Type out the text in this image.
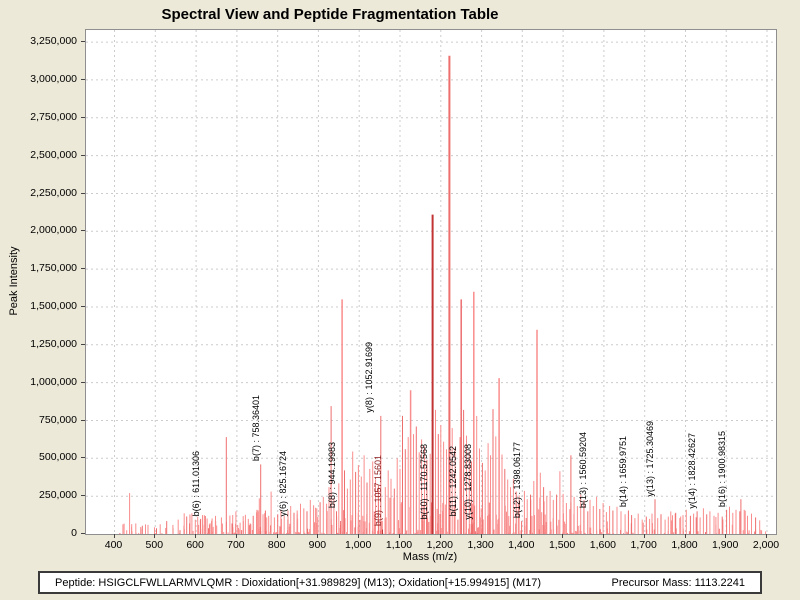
Spectral View and Peptide Fragmentation Table
Peak Intensity
b(6) : 611.01306
b(7) : 758.36401
y(6) : 825.16724	b(8) : 944.19983
y(8) : 1052.91699
b(9) : 1057.15601	b(10) : 1170.57568 b(11) : 1242.0542 y(10) : 1278.83008	b(12) : 1398.06177	b(13) : 1560.59204	b(14) : 1659.9751 y(13) : 1725.30469	y(14) : 1828.42627 b(16) : 1900.98315
Mass (m/z)
Peptide: HSIGCLFWLLARMVLQMR : Dioxidation[+31.989829] (M13); Oxidation[+15.994915] (M17)	Precursor Mass: 1113.2241
400	500	600	700	800	900	1,000	1,100	1,200	1,300	1,400	1,500	1,600	1,700	1,800	1,900	2,000
0
250,000
500,000
750,000
1,000,000
1,250,000
1,500,000
1,750,000
2,000,000
2,250,000
2,500,000
2,750,000
3,000,000
3,250,000
